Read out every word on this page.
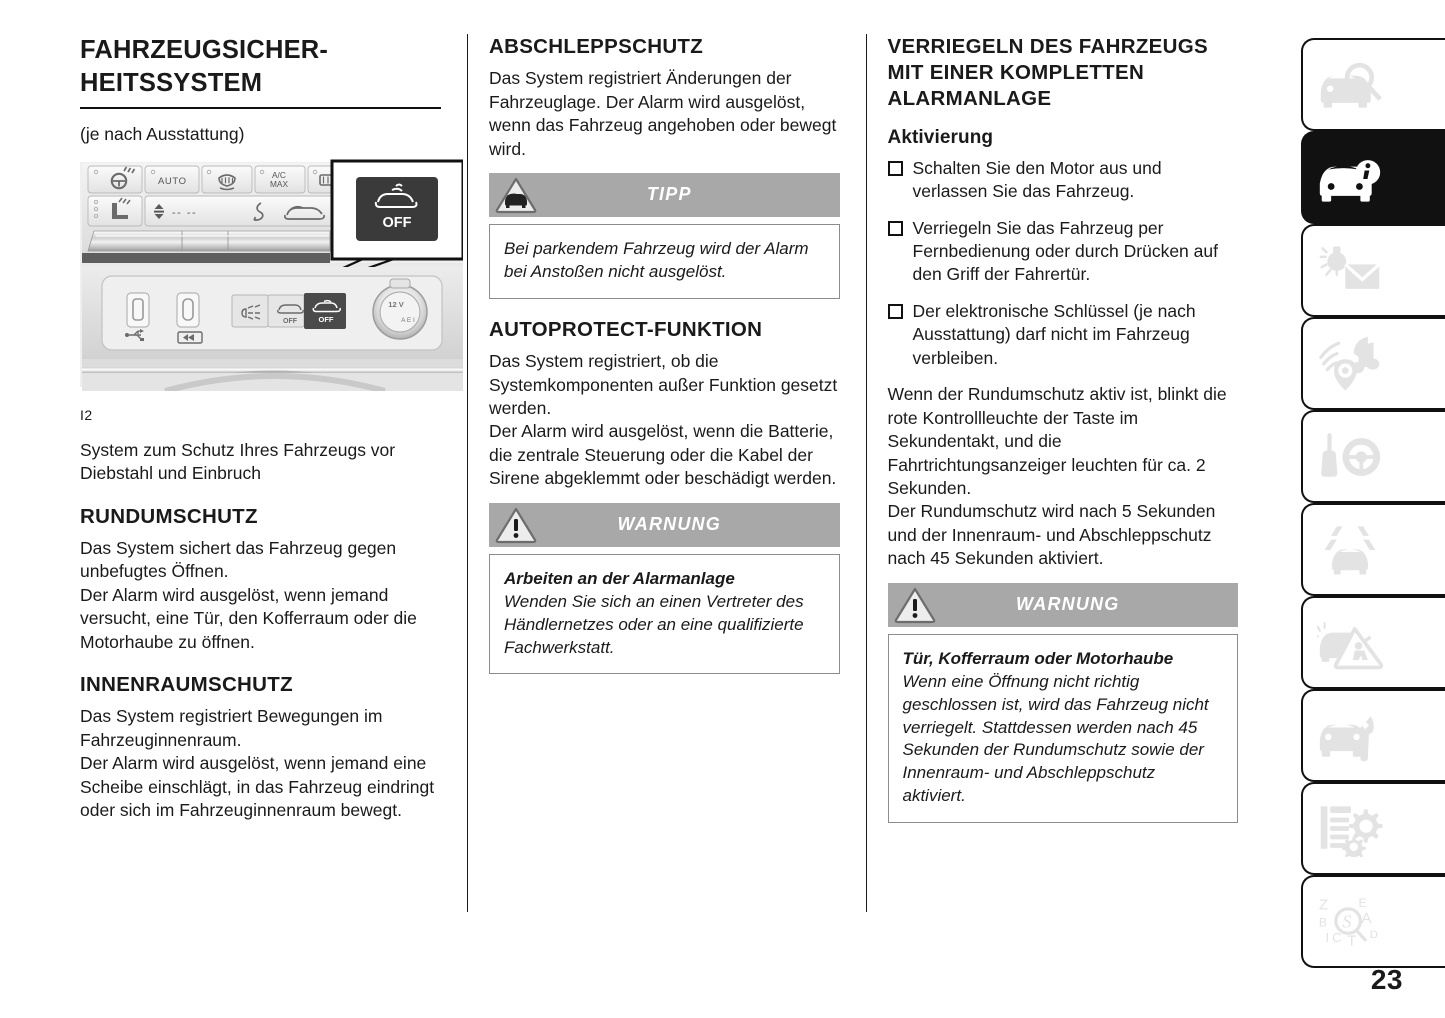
FAHRZEUGSICHER-
HEITSSYSTEM

(je nach Ausstattung)

AUTO
A/C
MAX
-- --
OFF
OFF	OFF
12 V
A E I
I2

System zum Schutz Ihres Fahrzeugs vor Diebstahl und Einbruch

RUNDUMSCHUTZ

Das System sichert das Fahrzeug gegen unbefugtes Öffnen.

Der Alarm wird ausgelöst, wenn jemand versucht, eine Tür, den Kofferraum oder die Motorhaube zu öffnen.

INNENRAUMSCHUTZ

Das System registriert Bewegungen im Fahrzeuginnenraum.

Der Alarm wird ausgelöst, wenn jemand eine Scheibe einschlägt, in das Fahrzeug eindringt oder sich im Fahrzeuginnenraum bewegt.

ABSCHLEPPSCHUTZ

Das System registriert Änderungen der Fahrzeuglage. Der Alarm wird ausgelöst, wenn das Fahrzeug angehoben oder bewegt wird.

TIPP

Bei parkendem Fahrzeug wird der Alarm bei Anstoßen nicht ausgelöst.

AUTOPROTECT-FUNKTION

Das System registriert, ob die Systemkomponenten außer Funktion gesetzt werden.

Der Alarm wird ausgelöst, wenn die Batterie, die zentrale Steuerung oder die Kabel der Sirene abgeklemmt oder beschädigt werden.

WARNUNG

Arbeiten an der Alarmanlage

Wenden Sie sich an einen Vertreter des Händlernetzes oder an eine qualifizierte Fachwerkstatt.

VERRIEGELN DES FAHRZEUGS MIT EINER KOMPLETTEN ALARMANLAGE
Aktivierung
Schalten Sie den Motor aus und verlassen Sie das Fahrzeug.
Verriegeln Sie das Fahrzeug per Fernbedienung oder durch Drücken auf den Griff der Fahrertür.
Der elektronische Schlüssel (je nach Ausstattung) darf nicht im Fahrzeug verbleiben.

Wenn der Rundumschutz aktiv ist, blinkt die rote Kontrollleuchte der Taste im Sekundentakt, und die Fahrtrichtungsanzeiger leuchten für ca. 2 Sekunden.

Der Rundumschutz wird nach 5 Sekunden und der Innenraum- und Abschleppschutz nach 45 Sekunden aktiviert.

WARNUNG

Tür, Kofferraum oder Motorhaube

Wenn eine Öffnung nicht richtig geschlossen ist, wird das Fahrzeug nicht verriegelt. Stattdessen werden nach 45 Sekunden der Rundumschutz sowie der Innenraum- und Abschleppschutz aktiviert.

Z E
B A
I C T D
S
23
